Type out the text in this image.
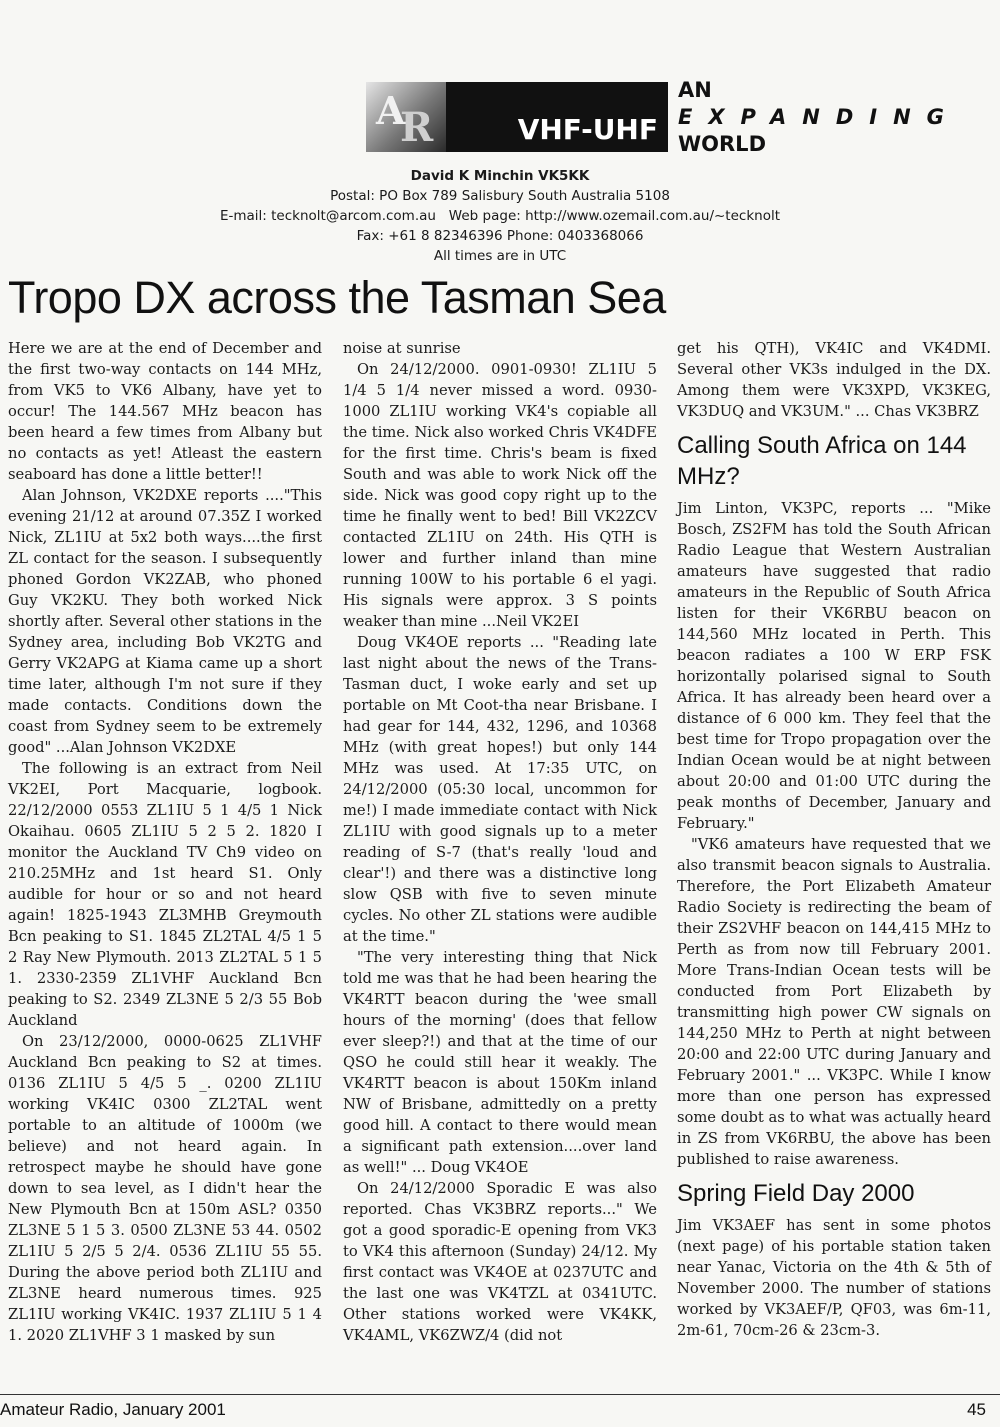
A
R	VHF-UHF
AN
EXPANDING
WORLD
David K Minchin VK5KK
Postal: PO Box 789 Salisbury South Australia 5108
E-mail: tecknolt@arcom.com.au   Web page: http://www.ozemail.com.au/~tecknolt
Fax: +61 8 82346396 Phone: 0403368066
All times are in UTC
Tropo DX across the Tasman Sea

Here we are at the end of December and the first two-way contacts on 144 MHz, from VK5 to VK6 Albany, have yet to occur! The 144.567 MHz beacon has been heard a few times from Albany but no contacts as yet! Atleast the eastern seaboard has done a little better!!

Alan Johnson, VK2DXE reports ...."This evening 21/12 at around 07.35Z I worked Nick, ZL1IU at 5x2 both ways....the first ZL contact for the season. I subsequently phoned Gordon VK2ZAB, who phoned Guy VK2KU. They both worked Nick shortly after. Several other stations in the Sydney area, including Bob VK2TG and Gerry VK2APG at Kiama came up a short time later, although I'm not sure if they made contacts. Conditions down the coast from Sydney seem to be extremely good" ...Alan Johnson VK2DXE

The following is an extract from Neil VK2EI, Port Macquarie, logbook. 22/12/2000 0553 ZL1IU 5 1 4/5 1 Nick Okaihau. 0605 ZL1IU 5 2 5 2. 1820 I monitor the Auckland TV Ch9 video on 210.25MHz and 1st heard S1. Only audible for hour or so and not heard again! 1825-1943 ZL3MHB Greymouth Bcn peaking to S1. 1845 ZL2TAL 4/5 1 5 2 Ray New Plymouth. 2013 ZL2TAL 5 1 5 1. 2330-2359 ZL1VHF Auckland Bcn peaking to S2. 2349 ZL3NE 5 2/3 55 Bob Auckland

On 23/12/2000, 0000-0625 ZL1VHF Auckland Bcn peaking to S2 at times. 0136 ZL1IU 5 4/5 5 _. 0200 ZL1IU working VK4IC 0300 ZL2TAL went portable to an altitude of 1000m (we believe) and not heard again. In retrospect maybe he should have gone down to sea level, as I didn't hear the New Plymouth Bcn at 150m ASL? 0350 ZL3NE 5 1 5 3. 0500 ZL3NE 53 44. 0502 ZL1IU 5 2/5 5 2/4. 0536 ZL1IU 55 55. During the above period both ZL1IU and ZL3NE heard numerous times. 925 ZL1IU working VK4IC. 1937 ZL1IU 5 1 4 1. 2020 ZL1VHF 3 1 masked by sun

noise at sunrise

On 24/12/2000. 0901-0930! ZL1IU 5 1/4 5 1/4 never missed a word. 0930-1000 ZL1IU working VK4's copiable all the time. Nick also worked Chris VK4DFE for the first time. Chris's beam is fixed South and was able to work Nick off the side. Nick was good copy right up to the time he finally went to bed! Bill VK2ZCV contacted ZL1IU on 24th. His QTH is lower and further inland than mine running 100W to his portable 6 el yagi. His signals were approx. 3 S points weaker than mine ...Neil VK2EI

Doug VK4OE reports ... "Reading late last night about the news of the Trans-Tasman duct, I woke early and set up portable on Mt Coot-tha near Brisbane. I had gear for 144, 432, 1296, and 10368 MHz (with great hopes!) but only 144 MHz was used. At 17:35 UTC, on 24/12/2000 (05:30 local, uncommon for me!) I made immediate contact with Nick ZL1IU with good signals up to a meter reading of S-7 (that's really 'loud and clear'!) and there was a distinctive long slow QSB with five to seven minute cycles. No other ZL stations were audible at the time."

"The very interesting thing that Nick told me was that he had been hearing the VK4RTT beacon during the 'wee small hours of the morning' (does that fellow ever sleep?!) and that at the time of our QSO he could still hear it weakly. The VK4RTT beacon is about 150Km inland NW of Brisbane, admittedly on a pretty good hill. A contact to there would mean a significant path extension....over land as well!" ... Doug VK4OE

On 24/12/2000 Sporadic E was also reported. Chas VK3BRZ reports..." We got a good sporadic-E opening from VK3 to VK4 this afternoon (Sunday) 24/12. My first contact was VK4OE at 0237UTC and the last one was VK4TZL at 0341UTC. Other stations worked were VK4KK, VK4AML, VK6ZWZ/4 (did not

get his QTH), VK4IC and VK4DMI. Several other VK3s indulged in the DX. Among them were VK3XPD, VK3KEG, VK3DUQ and VK3UM." ... Chas VK3BRZ

Calling South Africa on 144 MHz?

Jim Linton, VK3PC, reports ... "Mike Bosch, ZS2FM has told the South African Radio League that Western Australian amateurs have suggested that radio amateurs in the Republic of South Africa listen for their VK6RBU beacon on 144,560 MHz located in Perth. This beacon radiates a 100 W ERP FSK horizontally polarised signal to South Africa. It has already been heard over a distance of 6 000 km. They feel that the best time for Tropo propagation over the Indian Ocean would be at night between about 20:00 and 01:00 UTC during the peak months of December, January and February."

"VK6 amateurs have requested that we also transmit beacon signals to Australia. Therefore, the Port Elizabeth Amateur Radio Society is redirecting the beam of their ZS2VHF beacon on 144,415 MHz to Perth as from now till February 2001. More Trans-Indian Ocean tests will be conducted from Port Elizabeth by transmitting high power CW signals on 144,250 MHz to Perth at night between 20:00 and 22:00 UTC during January and February 2001." ... VK3PC. While I know more than one person has expressed some doubt as to what was actually heard in ZS from VK6RBU, the above has been published to raise awareness.

Spring Field Day 2000

Jim VK3AEF has sent in some photos (next page) of his portable station taken near Yanac, Victoria on the 4th & 5th of November 2000. The number of stations worked by VK3AEF/P, QF03, was 6m-11, 2m-61, 70cm-26 & 23cm-3.

Amateur Radio, January 2001	45
